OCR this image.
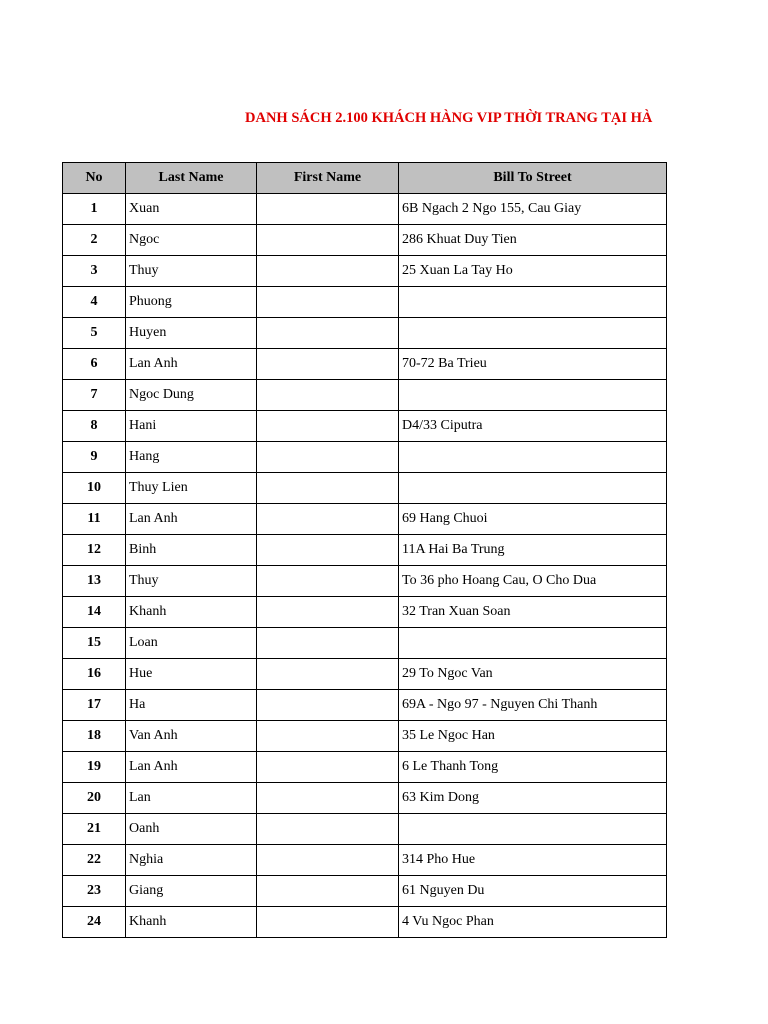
DANH SÁCH 2.100 KHÁCH HÀNG VIP THỜI TRANG TẠI HÀ
No	Last Name	First Name	Bill To Street
1	Xuan		6B Ngach 2 Ngo 155, Cau Giay
2	Ngoc		286 Khuat Duy Tien
3	Thuy		25 Xuan La Tay Ho
4	Phuong		
5	Huyen		
6	Lan Anh		70-72 Ba Trieu
7	Ngoc Dung		
8	Hani		D4/33 Ciputra
9	Hang		
10	Thuy Lien		
11	Lan Anh		69 Hang Chuoi
12	Binh		11A Hai Ba Trung
13	Thuy		To 36 pho Hoang Cau, O Cho Dua
14	Khanh		32 Tran Xuan Soan
15	Loan		
16	Hue		29 To Ngoc Van
17	Ha		69A - Ngo 97 - Nguyen Chi Thanh
18	Van Anh		35 Le Ngoc Han
19	Lan Anh		6 Le Thanh Tong
20	Lan		63 Kim Dong
21	Oanh		
22	Nghia		314 Pho Hue
23	Giang		61 Nguyen Du
24	Khanh		4 Vu Ngoc Phan
